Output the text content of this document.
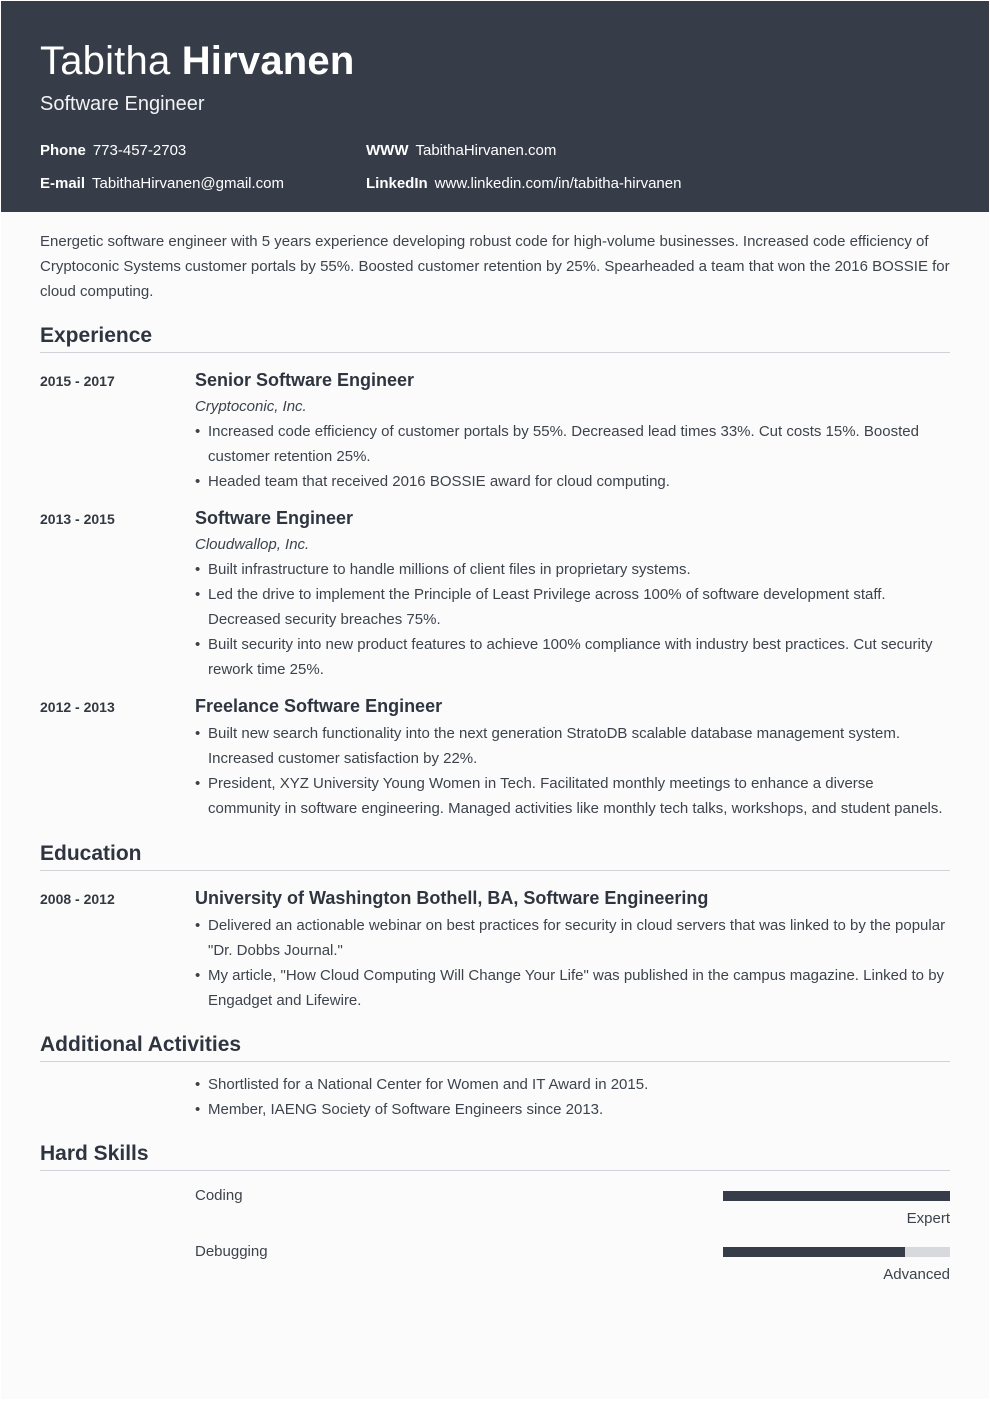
Tabitha Hirvanen
Software Engineer
Phone 773-457-2703	WWW TabithaHirvanen.com
E-mail TabithaHirvanen@gmail.com	LinkedIn www.linkedin.com/in/tabitha-hirvanen

Energetic software engineer with 5 years experience developing robust code for high-volume businesses. Increased code efficiency of Cryptoconic Systems customer portals by 55%. Boosted customer retention by 25%. Spearheaded a team that won the 2016 BOSSIE for cloud computing.

Experience
2015 - 2017	Senior Software Engineer
Cryptoconic, Inc.
• Increased code efficiency of customer portals by 55%. Decreased lead times 33%. Cut costs 15%. Boosted customer retention 25%.
• Headed team that received 2016 BOSSIE award for cloud computing.
2013 - 2015	Software Engineer
Cloudwallop, Inc.
• Built infrastructure to handle millions of client files in proprietary systems.
• Led the drive to implement the Principle of Least Privilege across 100% of software development staff. Decreased security breaches 75%.
• Built security into new product features to achieve 100% compliance with industry best practices. Cut security rework time 25%.
2012 - 2013	Freelance Software Engineer
• Built new search functionality into the next generation StratoDB scalable database management system. Increased customer satisfaction by 22%.
• President, XYZ University Young Women in Tech. Facilitated monthly meetings to enhance a diverse community in software engineering. Managed activities like monthly tech talks, workshops, and student panels.
Education
2008 - 2012	University of Washington Bothell, BA, Software Engineering
• Delivered an actionable webinar on best practices for security in cloud servers that was linked to by the popular "Dr. Dobbs Journal."
• My article, "How Cloud Computing Will Change Your Life" was published in the campus magazine. Linked to by Engadget and Lifewire.
Additional Activities
• Shortlisted for a National Center for Women and IT Award in 2015.
• Member, IAENG Society of Software Engineers since 2013.
Hard Skills
Coding
Expert
Debugging
Advanced
